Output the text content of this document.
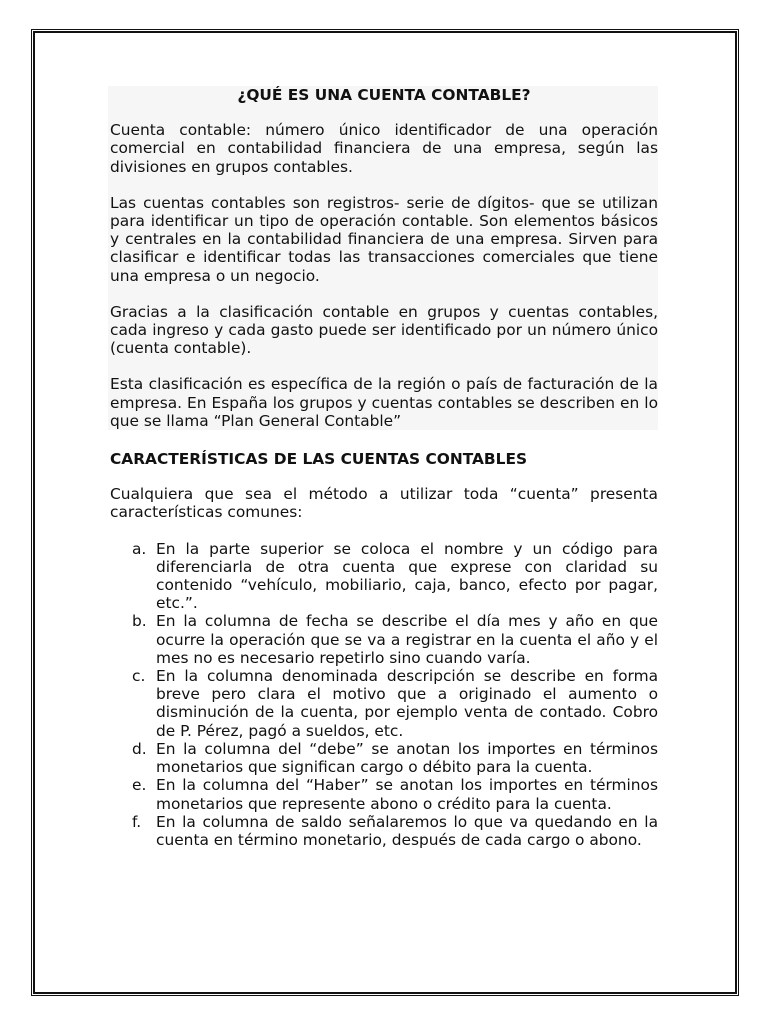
¿QUÉ ES UNA CUENTA CONTABLE?

Cuenta contable: número único identificador de una operación comercial en contabilidad financiera de una empresa, según las divisiones en grupos contables.

Las cuentas contables son registros- serie de dígitos- que se utilizan para identificar un tipo de operación contable. Son elementos básicos y centrales en la contabilidad financiera de una empresa. Sirven para clasificar e identificar todas las transacciones comerciales que tiene una empresa o un negocio.

Gracias a la clasificación contable en grupos y cuentas contables, cada ingreso y cada gasto puede ser identificado por un número único (cuenta contable).

Esta clasificación es específica de la región o país de facturación de la empresa. En España los grupos y cuentas contables se describen en lo que se llama “Plan General Contable”

CARACTERÍSTICAS DE LAS CUENTAS CONTABLES

Cualquiera que sea el método a utilizar toda “cuenta” presenta características comunes:

a. En la parte superior se coloca el nombre y un código para diferenciarla de otra cuenta que exprese con claridad su contenido “vehículo, mobiliario, caja, banco, efecto por pagar, etc.”.
b. En la columna de fecha se describe el día mes y año en que ocurre la operación que se va a registrar en la cuenta el año y el mes no es necesario repetirlo sino cuando varía.
c. En la columna denominada descripción se describe en forma breve pero clara el motivo que a originado el aumento o disminución de la cuenta, por ejemplo venta de contado. Cobro de P. Pérez, pagó a sueldos, etc.
d. En la columna del “debe” se anotan los importes en términos monetarios que significan cargo o débito para la cuenta.
e. En la columna del “Haber” se anotan los importes en términos monetarios que represente abono o crédito para la cuenta.
f. En la columna de saldo señalaremos lo que va quedando en la cuenta en término monetario, después de cada cargo o abono.
